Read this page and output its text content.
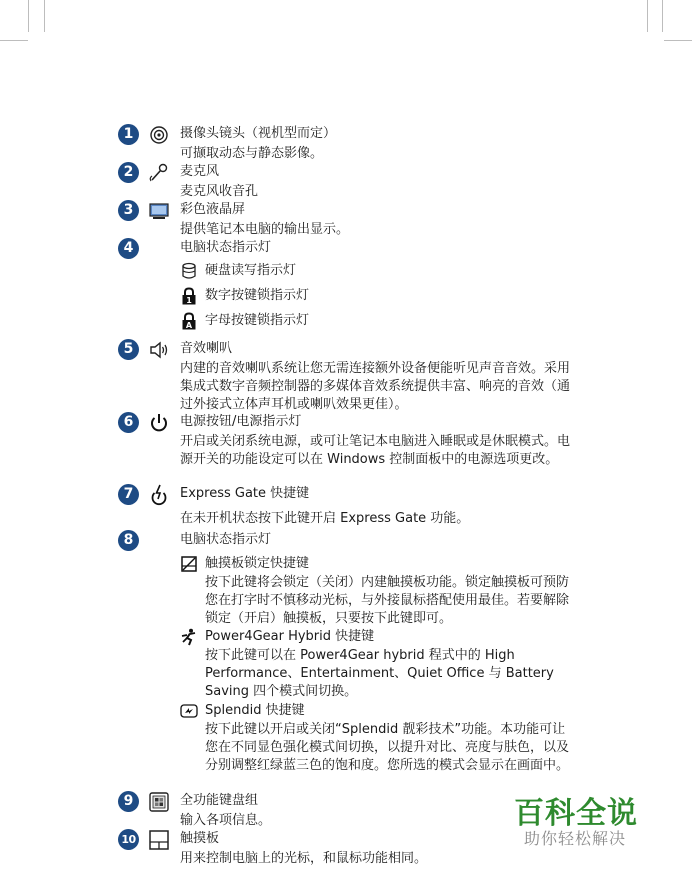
1	摄像头镜头（视机型而定）
可撷取动态与静态影像。
2	麦克风
麦克风收音孔
3	彩色液晶屏
提供笔记本电脑的输出显示。
4	电脑状态指示灯
硬盘读写指示灯
1 数字按键锁指示灯
A 字母按键锁指示灯
5	音效喇叭
内建的音效喇叭系统让您无需连接额外设备便能听见声音音效。采用集成式数字音频控制器的多媒体音效系统提供丰富、响亮的音效（通过外接式立体声耳机或喇叭效果更佳）。
6	电源按钮/电源指示灯
开启或关闭系统电源，或可让笔记本电脑进入睡眠或是休眠模式。电源开关的功能设定可以在 Windows 控制面板中的电源选项更改。
7	Express Gate 快捷键
在未开机状态按下此键开启 Express Gate 功能。
8	电脑状态指示灯
触摸板锁定快捷键
按下此键将会锁定（关闭）内建触摸板功能。锁定触摸板可预防您在打字时不慎移动光标，与外接鼠标搭配使用最佳。若要解除锁定（开启）触摸板，只要按下此键即可。
Power4Gear Hybrid 快捷键
按下此键可以在 Power4Gear hybrid 程式中的 High Performance、Entertainment、Quiet Office 与 Battery Saving 四个模式间切换。
Splendid 快捷键
按下此键以开启或关闭“Splendid 靓彩技术”功能。本功能可让您在不同显色强化模式间切换，以提升对比、亮度与肤色，以及分别调整红绿蓝三色的饱和度。您所选的模式会显示在画面中。
9	全功能键盘组
输入各项信息。
10	触摸板
用来控制电脑上的光标，和鼠标功能相同。
百科全说
助你轻松解决
